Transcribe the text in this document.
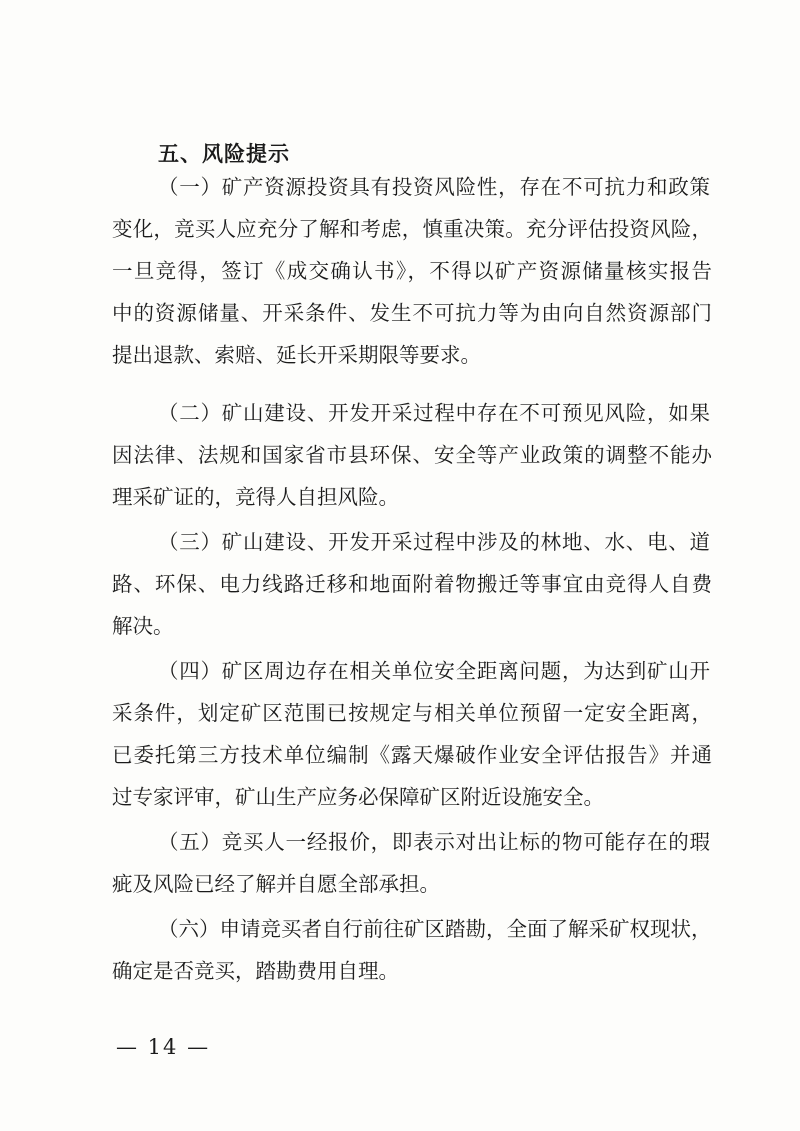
五、风险提示
（一）矿产资源投资具有投资风险性，存在不可抗力和政策
变化，竞买人应充分了解和考虑，慎重决策。充分评估投资风险，
一旦竞得，签订《成交确认书》，不得以矿产资源储量核实报告
中的资源储量、开采条件、发生不可抗力等为由向自然资源部门
提出退款、索赔、延长开采期限等要求。
（二）矿山建设、开发开采过程中存在不可预见风险，如果
因法律、法规和国家省市县环保、安全等产业政策的调整不能办
理采矿证的，竞得人自担风险。
（三）矿山建设、开发开采过程中涉及的林地、水、电、道
路、环保、电力线路迁移和地面附着物搬迁等事宜由竞得人自费
解决。
（四）矿区周边存在相关单位安全距离问题，为达到矿山开
采条件，划定矿区范围已按规定与相关单位预留一定安全距离，
已委托第三方技术单位编制《露天爆破作业安全评估报告》并通
过专家评审，矿山生产应务必保障矿区附近设施安全。
（五）竞买人一经报价，即表示对出让标的物可能存在的瑕
疵及风险已经了解并自愿全部承担。
（六）申请竞买者自行前往矿区踏勘，全面了解采矿权现状，
确定是否竞买，踏勘费用自理。
— 14 —
